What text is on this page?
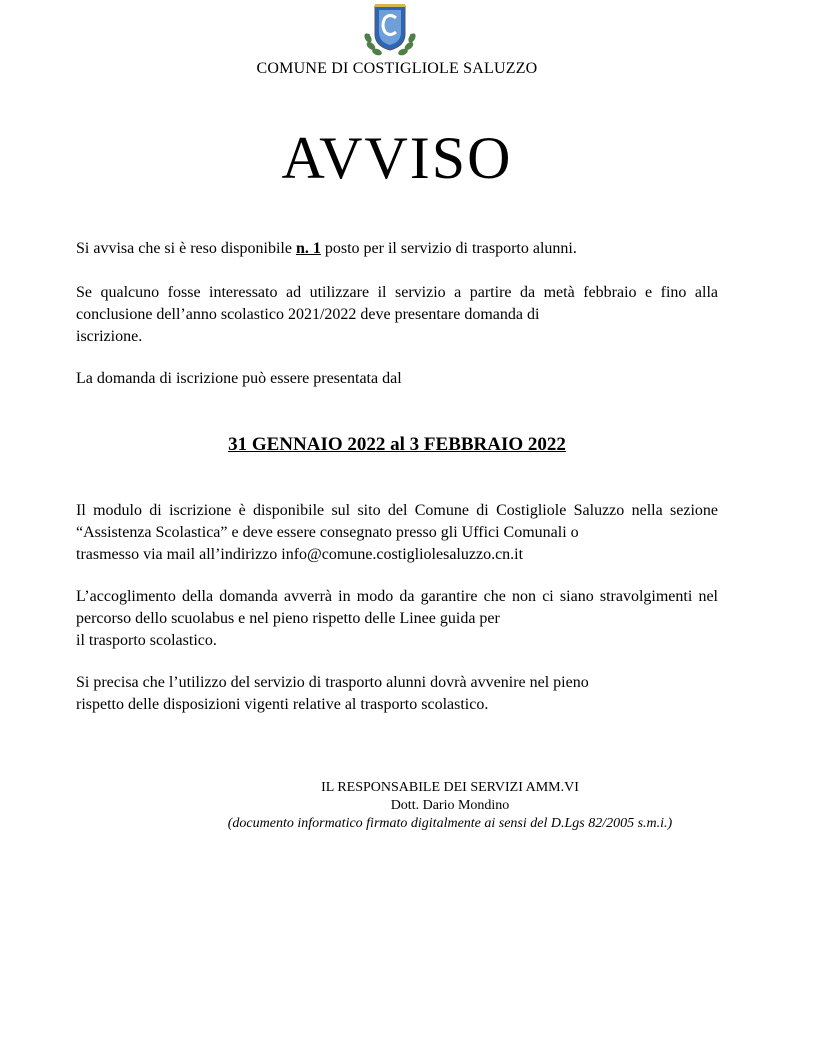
COMUNE DI COSTIGLIOLE SALUZZO
AVVISO
Si avvisa che si è reso disponibile n. 1 posto per il servizio di trasporto alunni.
Se qualcuno fosse interessato ad utilizzare il servizio a partire da metà febbraio e fino alla conclusione dell’anno scolastico 2021/2022 deve presentare domanda di
iscrizione.
La domanda di iscrizione può essere presentata dal
31 GENNAIO 2022 al 3 FEBBRAIO 2022
Il modulo di iscrizione è disponibile sul sito del Comune di Costigliole Saluzzo nella sezione “Assistenza Scolastica” e deve essere consegnato presso gli Uffici Comunali o
trasmesso via mail all’indirizzo info@comune.costigliolesaluzzo.cn.it
L’accoglimento della domanda avverrà in modo da garantire che non ci siano stravolgimenti nel percorso dello scuolabus e nel pieno rispetto delle Linee guida per
il trasporto scolastico.
Si precisa che l’utilizzo del servizio di trasporto alunni dovrà avvenire nel pieno
rispetto delle disposizioni vigenti relative al trasporto scolastico.
IL RESPONSABILE DEI SERVIZI AMM.VI
Dott. Dario Mondino
(documento informatico firmato digitalmente ai sensi del D.Lgs 82/2005 s.m.i.)
